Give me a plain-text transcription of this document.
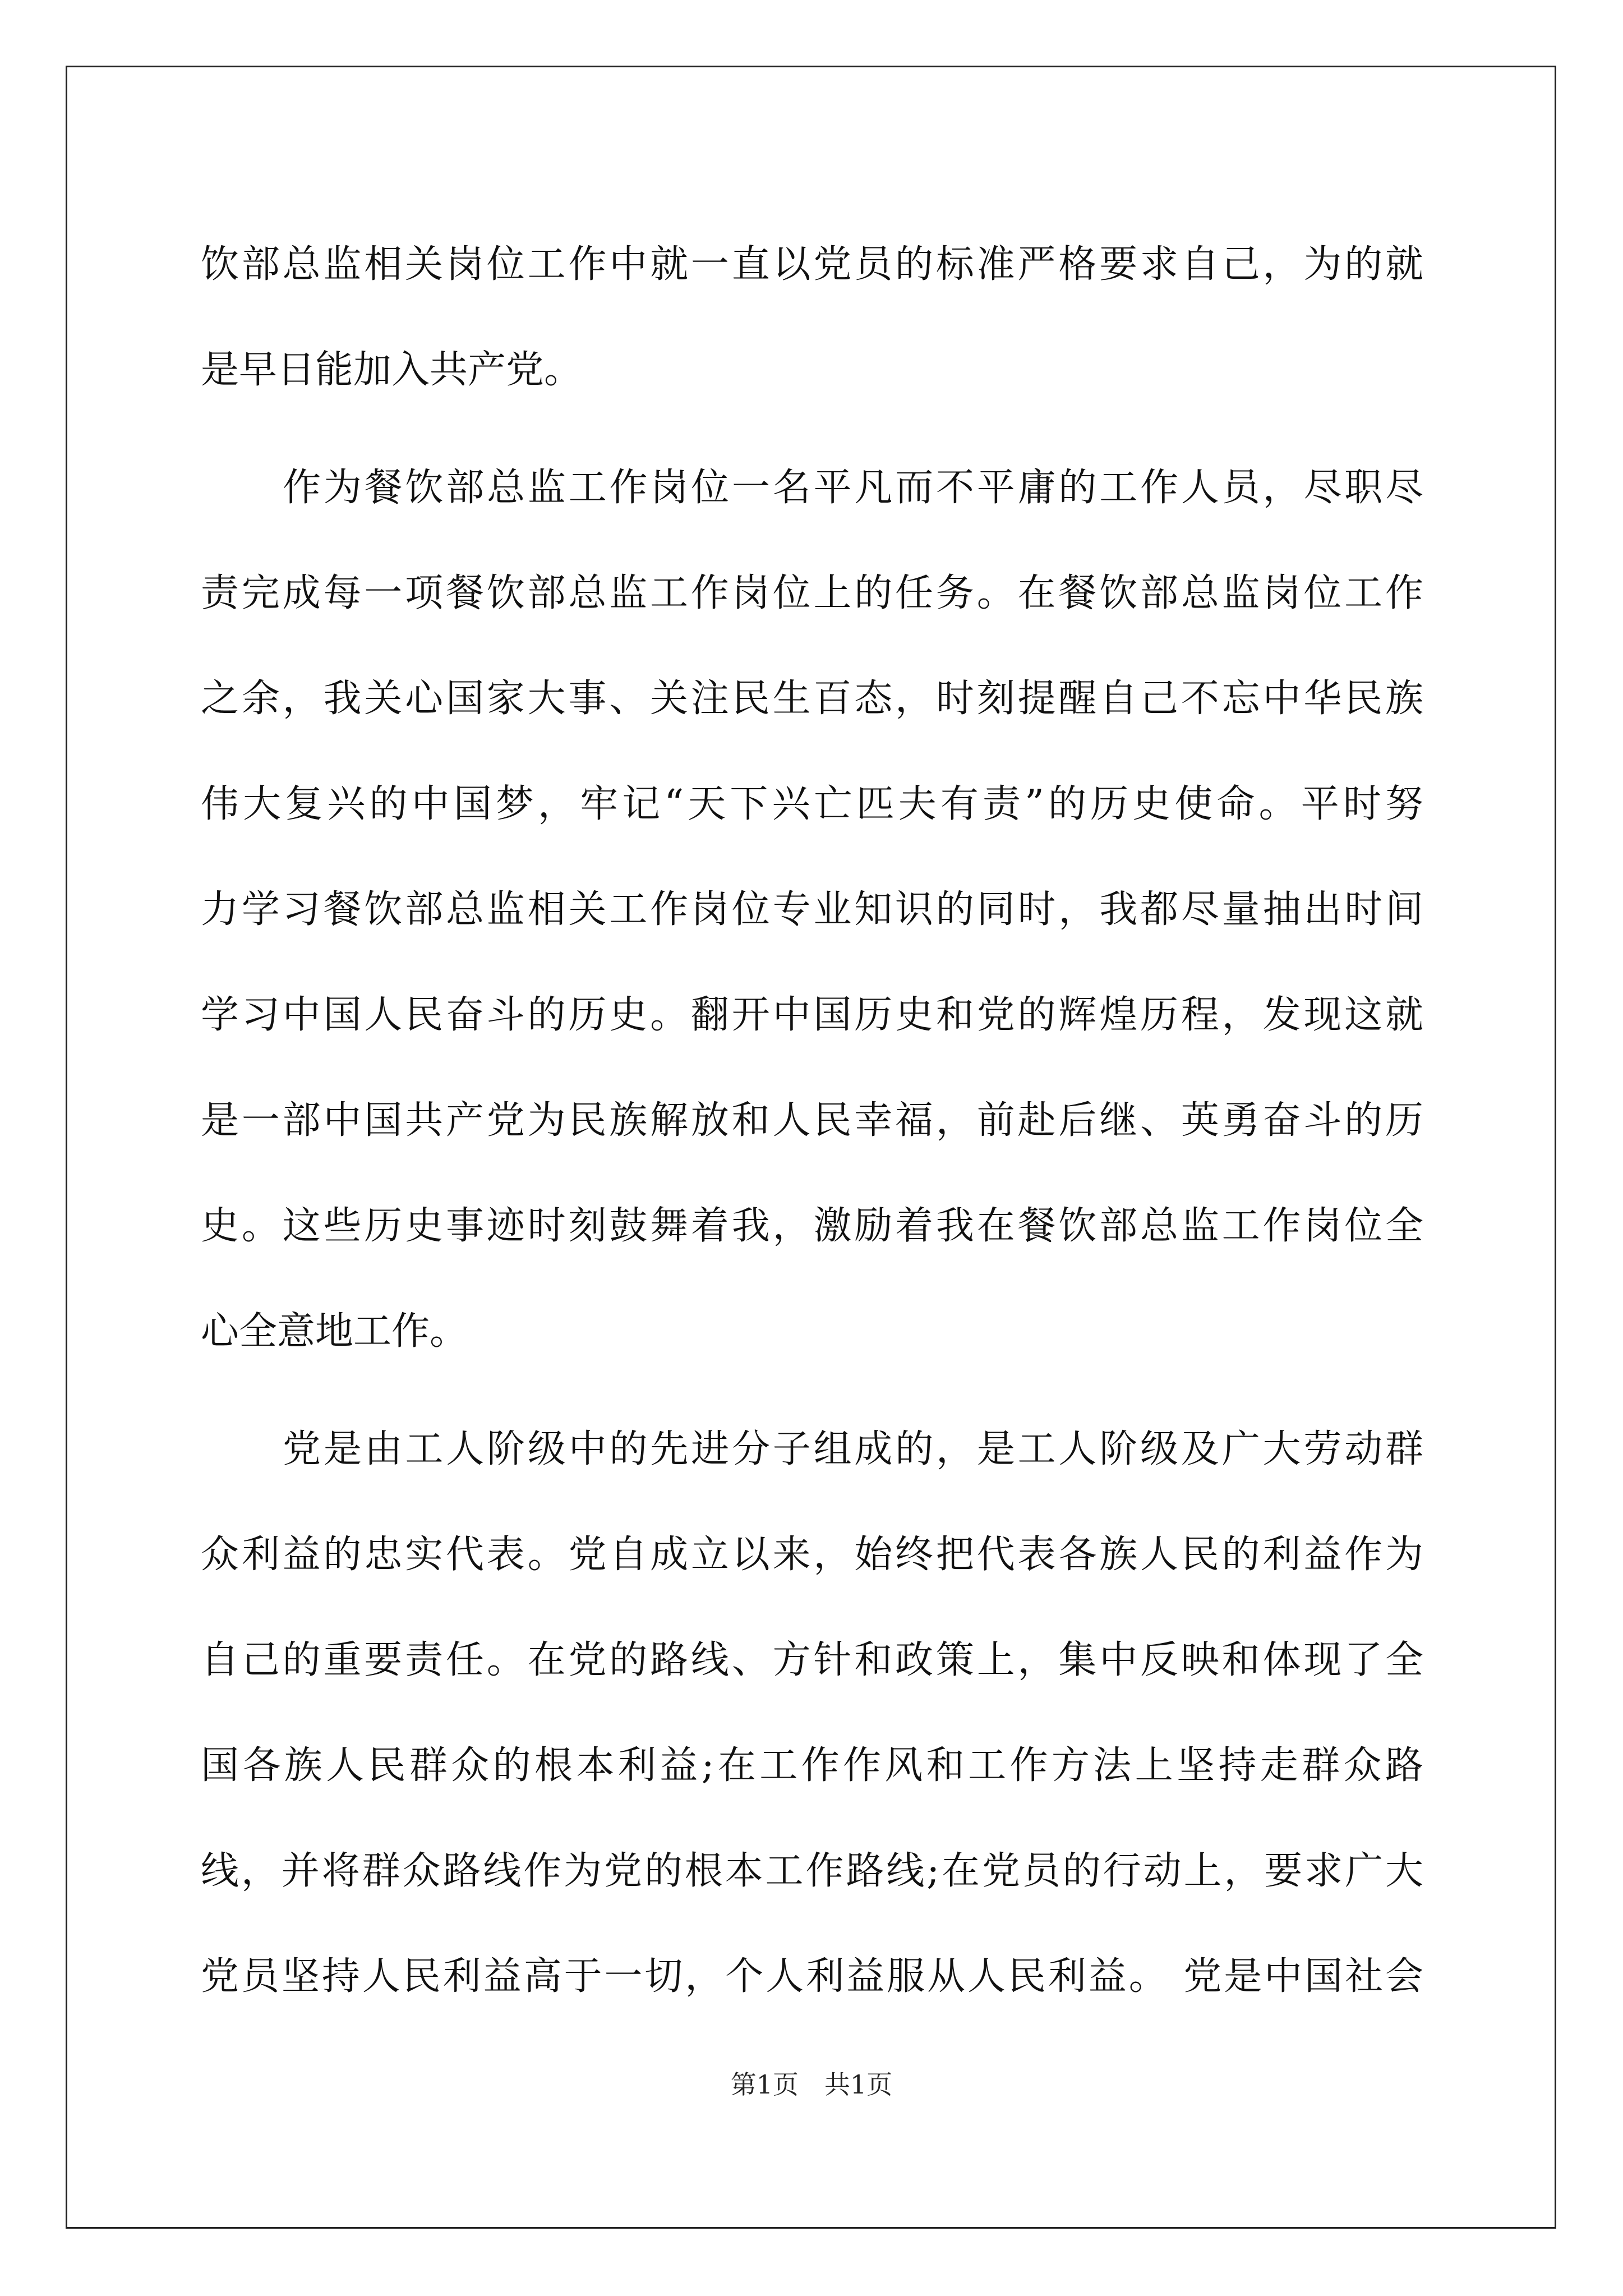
饮部总监相关岗位工作中就一直以党员的标准严格要求自己，为的就
是早日能加入共产党。
作为餐饮部总监工作岗位一名平凡而不平庸的工作人员，尽职尽
责完成每一项餐饮部总监工作岗位上的任务。在餐饮部总监岗位工作
之余，我关心国家大事、关注民生百态，时刻提醒自己不忘中华民族
伟大复兴的中国梦，牢记“天下兴亡匹夫有责”的历史使命。平时努
力学习餐饮部总监相关工作岗位专业知识的同时，我都尽量抽出时间
学习中国人民奋斗的历史。翻开中国历史和党的辉煌历程，发现这就
是一部中国共产党为民族解放和人民幸福，前赴后继、英勇奋斗的历
史。这些历史事迹时刻鼓舞着我，激励着我在餐饮部总监工作岗位全
心全意地工作。
党是由工人阶级中的先进分子组成的，是工人阶级及广大劳动群
众利益的忠实代表。党自成立以来，始终把代表各族人民的利益作为
自己的重要责任。在党的路线、方针和政策上，集中反映和体现了全
国各族人民群众的根本利益;在工作作风和工作方法上坚持走群众路
线，并将群众路线作为党的根本工作路线;在党员的行动上，要求广大
党员坚持人民利益高于一切，个人利益服从人民利益。 党是中国社会
第1页　共1页
